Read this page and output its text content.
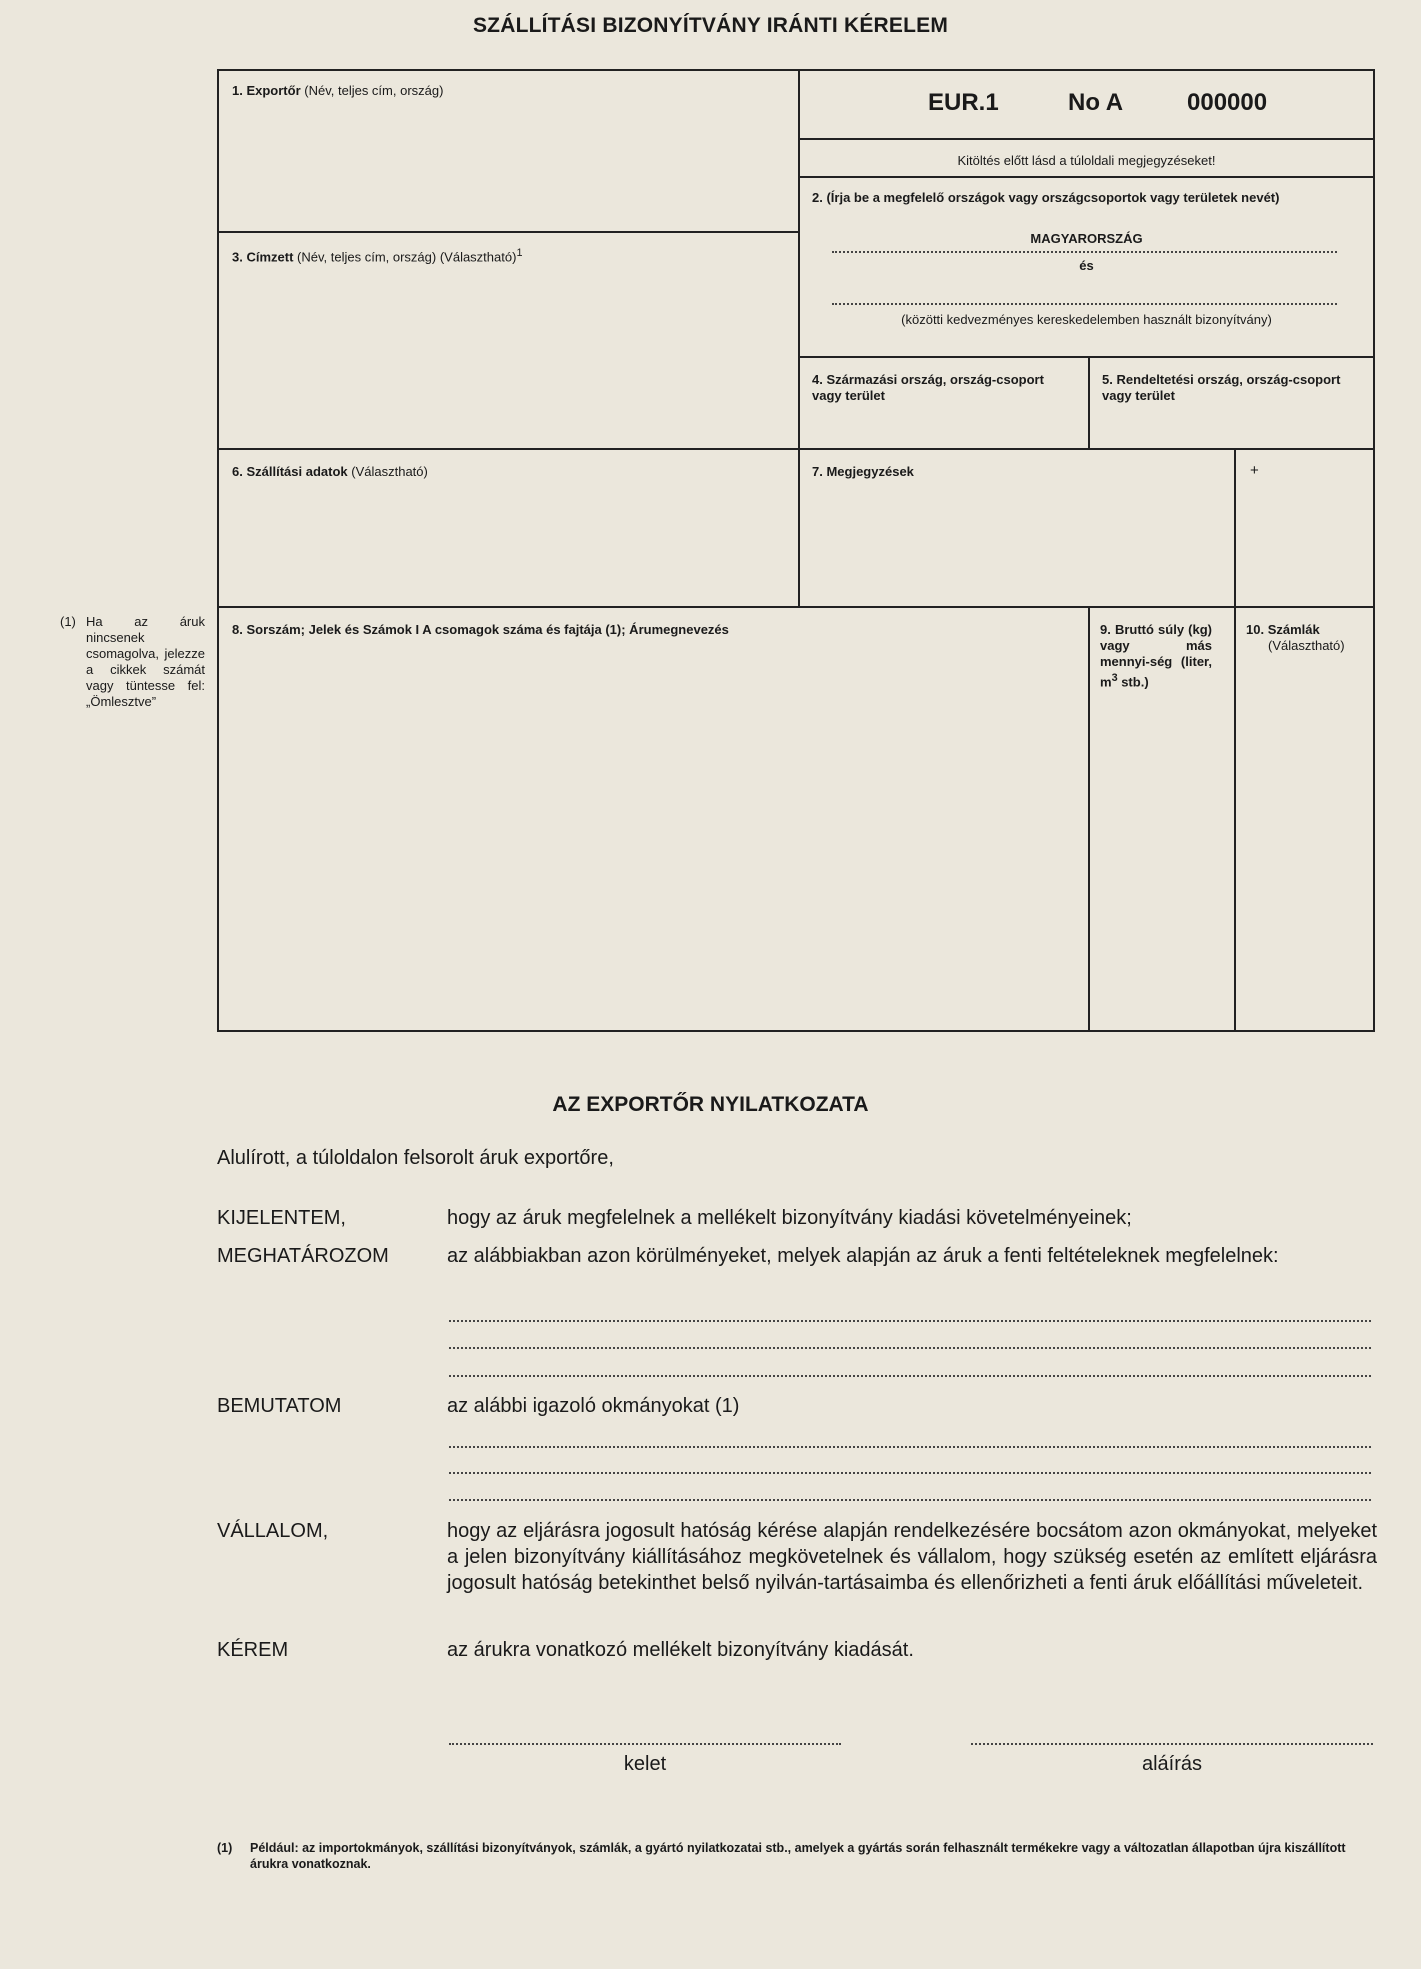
SZÁLLÍTÁSI BIZONYÍTVÁNY IRÁNTI KÉRELEM
1. Exportőr (Név, teljes cím, ország)	EUR.1	No A	000000
Kitöltés előtt lásd a túloldali megjegyzéseket!
2. (Írja be a megfelelő országok vagy országcsoportok vagy területek nevét)
MAGYARORSZÁG
és
(közötti kedvezményes kereskedelemben használt bizonyítvány)
3. Címzett (Név, teljes cím, ország) (Választható)$^1$
4. Származási ország, ország-csoport vagy terület
5. Rendeltetési ország, ország-csoport vagy terület
6. Szállítási adatok (Választható)	7. Megjegyzések	+
8. Sorszám; Jelek és Számok I A csomagok száma és fajtája (1); Árumegnevezés	9. Bruttó súly (kg) vagy más mennyi-ség (liter, $m^3$ stb.)
10. Számlák
(Választható)
(1) Ha az áruk nincsenek csomagolva, jelezze a cikkek számát vagy tüntesse fel: „Ömlesztve”
AZ EXPORTŐR NYILATKOZATA
Alulírott, a túloldalon felsorolt áruk exportőre,
KIJELENTEM,	hogy az áruk megfelelnek a mellékelt bizonyítvány kiadási követelményeinek;
MEGHATÁROZOM	az alábbiakban azon körülményeket, melyek alapján az áruk a fenti feltételeknek megfelelnek:
BEMUTATOM	az alábbi igazoló okmányokat (1)
VÁLLALOM,	hogy az eljárásra jogosult hatóság kérése alapján rendelkezésére bocsátom azon okmányokat, melyeket a jelen bizonyítvány kiállításához megkövetelnek és vállalom, hogy szükség esetén az említett eljárásra jogosult hatóság betekinthet belső nyilván-tartásaimba és ellenőrizheti a fenti áruk előállítási műveleteit.
KÉREM	az árukra vonatkozó mellékelt bizonyítvány kiadását.
kelet	aláírás
(1)	Például: az importokmányok, szállítási bizonyítványok, számlák, a gyártó nyilatkozatai stb., amelyek a gyártás során felhasznált termékekre vagy a változatlan állapotban újra kiszállított árukra vonatkoznak.
